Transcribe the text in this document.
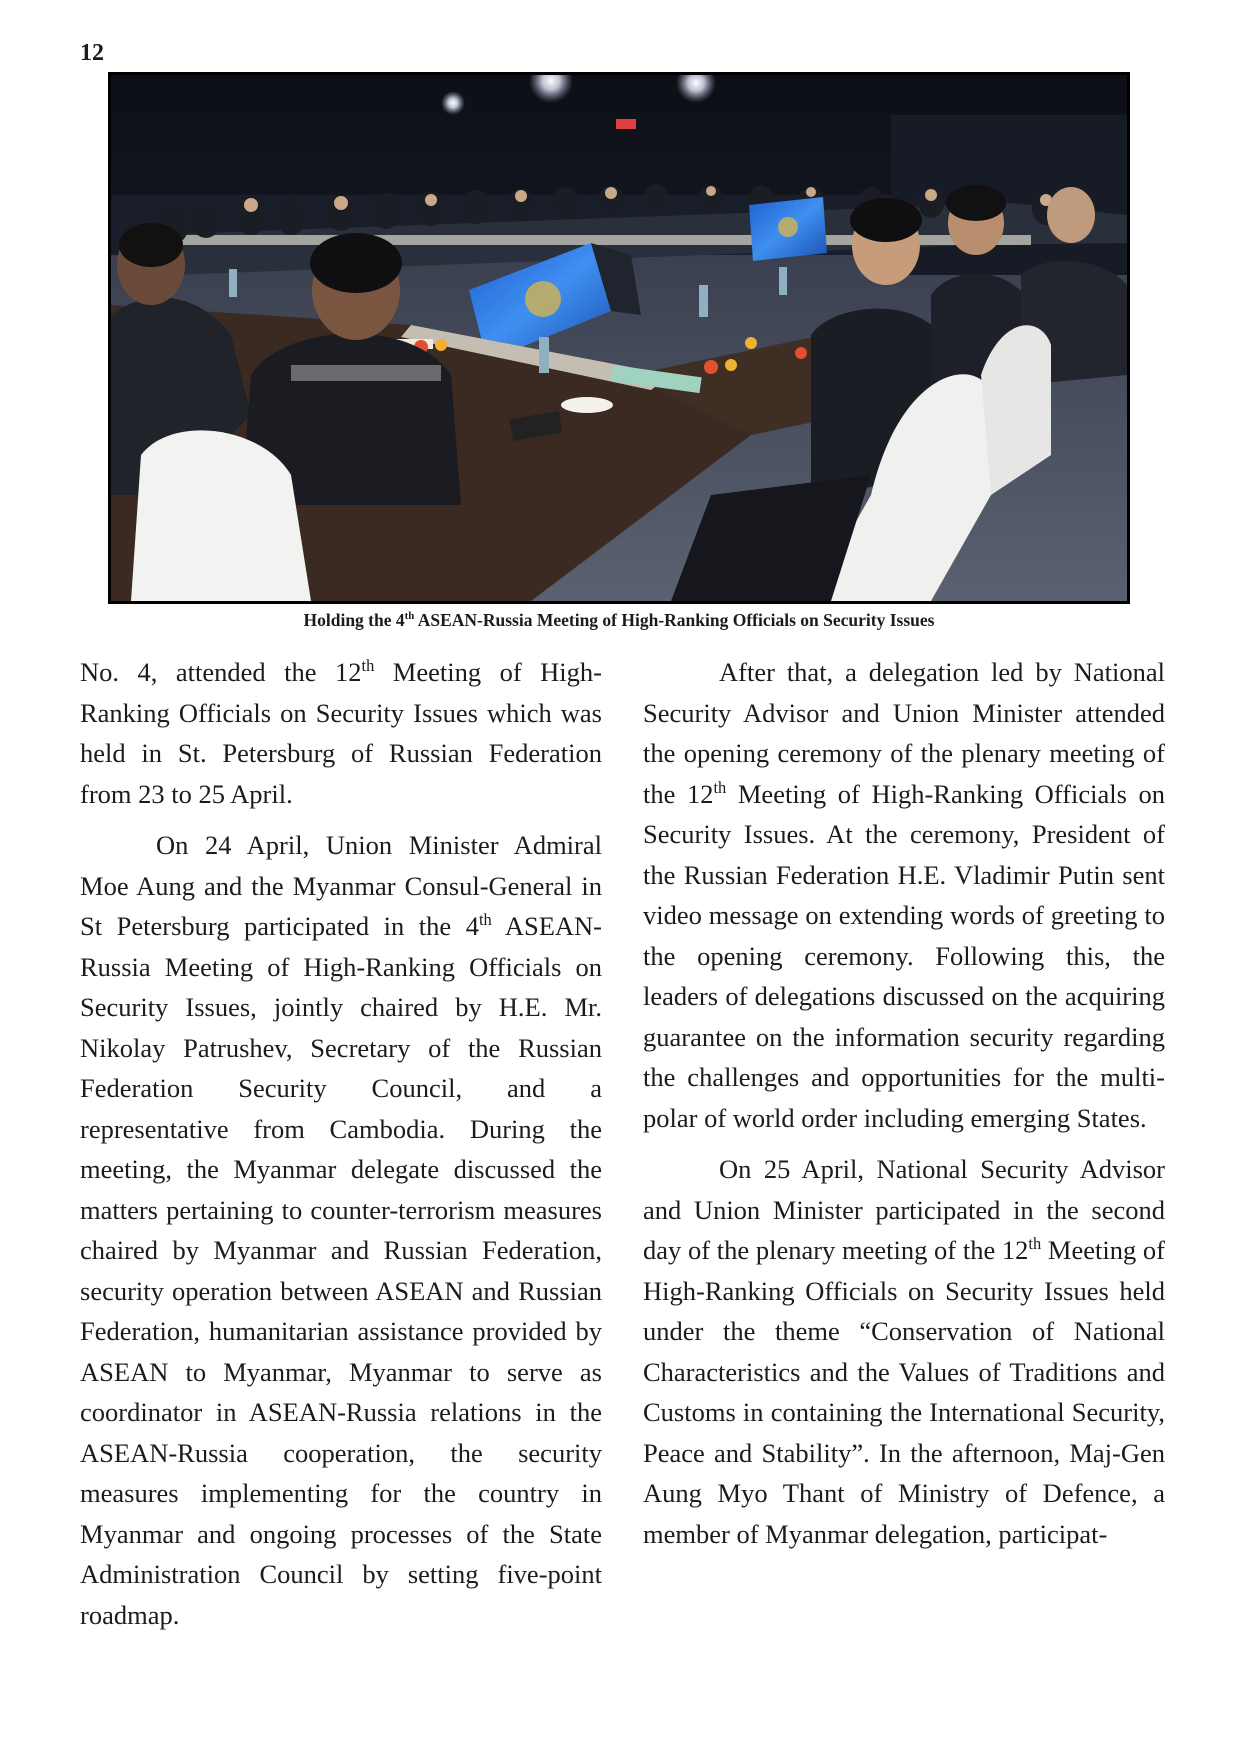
12
Holding the 4th ASEAN-Russia Meeting of High-Ranking Officials on Security Issues

No. 4, attended the 12th Meeting of High-Ranking Officials on Security Issues which was held in St. Petersburg of Russian Federation from 23 to 25 April.

On 24 April, Union Minister Admiral Moe Aung and the Myanmar Consul-General in St Petersburg participated in the 4th ASEAN-Russia Meeting of High-Ranking Officials on Security Issues, jointly chaired by H.E. Mr. Nikolay Patrushev, Secretary of the Russian Federation Security Council, and a representative from Cambodia. During the meeting, the Myanmar delegate discussed the matters pertaining to counter-terrorism measures chaired by Myanmar and Russian Federation, security operation between ASEAN and Russian Federation, humanitarian assistance provided by ASEAN to Myanmar, Myanmar to serve as coordinator in ASEAN-Russia relations in the ASEAN-Russia cooperation, the security measures implementing for the country in Myanmar and ongoing processes of the State Administration Council by setting five-point roadmap.

After that, a delegation led by National Security Advisor and Union Minister attended the opening ceremony of the plenary meeting of the 12th Meeting of High-Ranking Officials on Security Issues. At the ceremony, President of the Russian Federation H.E. Vladimir Putin sent video message on extending words of greeting to the opening ceremony. Following this, the leaders of delegations discussed on the acquiring guarantee on the information security regarding the challenges and opportunities for the multi-polar of world order including emerging States.

On 25 April, National Security Advisor and Union Minister participated in the second day of the plenary meeting of the 12th Meeting of High-Ranking Officials on Security Issues held under the theme “Conservation of National Characteristics and the Values of Traditions and Customs in containing the International Security, Peace and Stability”. In the afternoon, Maj-Gen Aung Myo Thant of Ministry of Defence, a member of Myanmar delegation, participat-
